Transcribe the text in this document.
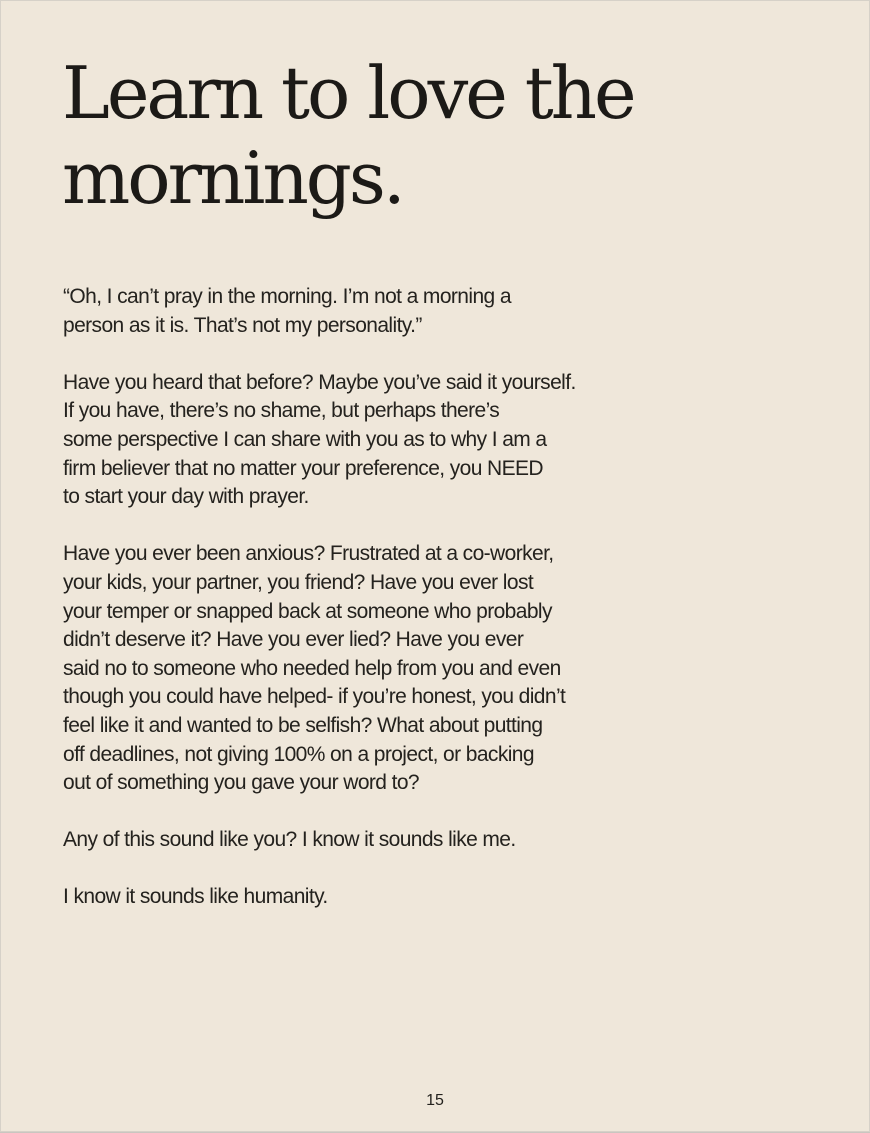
Learn to love the
mornings.

“Oh, I can’t pray in the morning. I’m not a morning a
person as it is. That’s not my personality.”

Have you heard that before? Maybe you’ve said it yourself.
If you have, there’s no shame, but perhaps there’s
some perspective I can share with you as to why I am a
firm believer that no matter your preference, you NEED
to start your day with prayer.

Have you ever been anxious? Frustrated at a co-worker,
your kids, your partner, you friend? Have you ever lost
your temper or snapped back at someone who probably
didn’t deserve it? Have you ever lied? Have you ever
said no to someone who needed help from you and even
though you could have helped- if you’re honest, you didn’t
feel like it and wanted to be selfish? What about putting
off deadlines, not giving 100% on a project, or backing
out of something you gave your word to?

Any of this sound like you? I know it sounds like me.

I know it sounds like humanity.

15
